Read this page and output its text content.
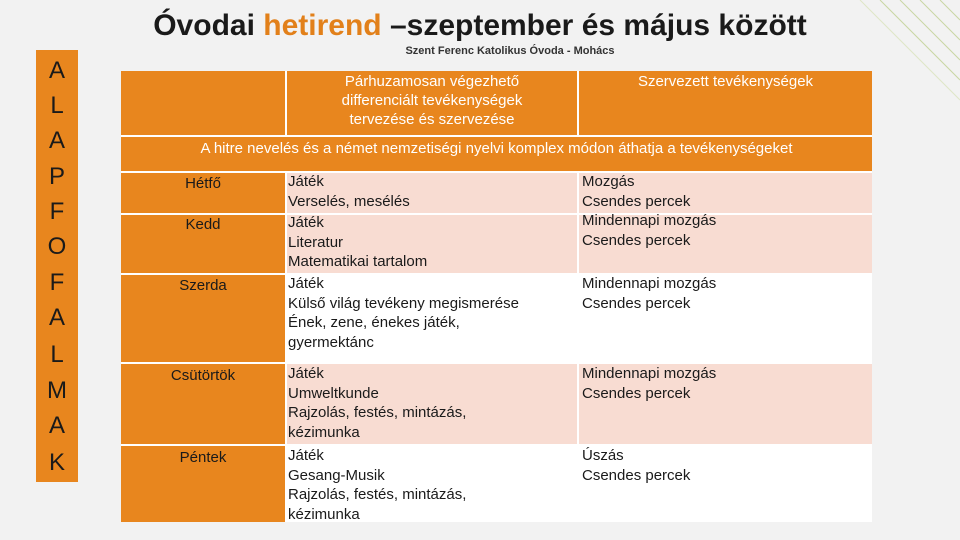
Óvodai hetirend –szeptember és május között
Szent Ferenc Katolikus Óvoda - Mohács
A
L
A
P
F
O
F
A
L
M
A
K
Párhuzamosan végezhető
differenciált tevékenységek
tervezése és szervezése
Szervezett tevékenységek
A hitre nevelés és a német nemzetiségi nyelvi komplex módon áthatja a tevékenységeket
Hétfő
Kedd
Szerda
Csütörtök
Péntek
Játék
Verselés, mesélés
Játék
Literatur
Matematikai tartalom
Játék
Külső világ tevékeny megismerése
Ének, zene, énekes játék,
gyermektánc
Játék
Umweltkunde
Rajzolás, festés, mintázás,
kézimunka
Játék
Gesang-Musik
Rajzolás, festés, mintázás,
kézimunka
Mozgás
Csendes percek
Mindennapi mozgás
Csendes percek
Mindennapi mozgás
Csendes percek
Mindennapi mozgás
Csendes percek
Úszás
Csendes percek
